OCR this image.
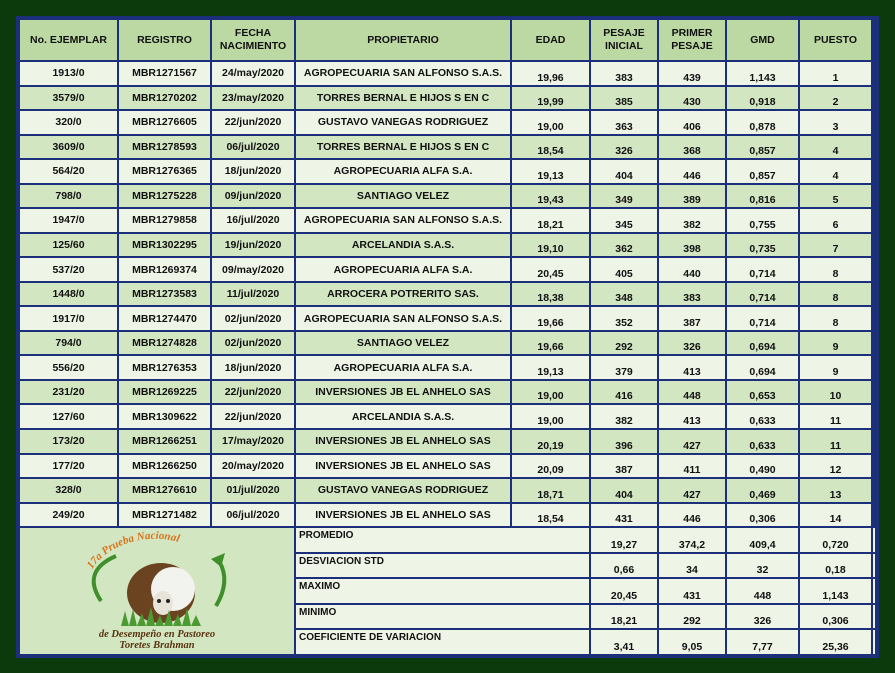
No. EJEMPLAR	REGISTRO	FECHA NACIMIENTO	PROPIETARIO	EDAD	PESAJE INICIAL	PRIMER PESAJE	GMD	PUESTO	
1913/0	MBR1271567	24/may/2020	AGROPECUARIA SAN ALFONSO S.A.S.	19,96	383	439	1,143	1	
3579/0	MBR1270202	23/may/2020	TORRES BERNAL E HIJOS S EN C	19,99	385	430	0,918	2	
320/0	MBR1276605	22/jun/2020	GUSTAVO VANEGAS RODRIGUEZ	19,00	363	406	0,878	3	
3609/0	MBR1278593	06/jul/2020	TORRES BERNAL E HIJOS S EN C	18,54	326	368	0,857	4	
564/20	MBR1276365	18/jun/2020	AGROPECUARIA ALFA S.A.	19,13	404	446	0,857	4	
798/0	MBR1275228	09/jun/2020	SANTIAGO VELEZ	19,43	349	389	0,816	5	
1947/0	MBR1279858	16/jul/2020	AGROPECUARIA SAN ALFONSO S.A.S.	18,21	345	382	0,755	6	
125/60	MBR1302295	19/jun/2020	ARCELANDIA S.A.S.	19,10	362	398	0,735	7	
537/20	MBR1269374	09/may/2020	AGROPECUARIA ALFA S.A.	20,45	405	440	0,714	8	
1448/0	MBR1273583	11/jul/2020	ARROCERA POTRERITO SAS.	18,38	348	383	0,714	8	
1917/0	MBR1274470	02/jun/2020	AGROPECUARIA SAN ALFONSO S.A.S.	19,66	352	387	0,714	8	
794/0	MBR1274828	02/jun/2020	SANTIAGO VELEZ	19,66	292	326	0,694	9	
556/20	MBR1276353	18/jun/2020	AGROPECUARIA ALFA S.A.	19,13	379	413	0,694	9	
231/20	MBR1269225	22/jun/2020	INVERSIONES JB EL ANHELO SAS	19,00	416	448	0,653	10	
127/60	MBR1309622	22/jun/2020	ARCELANDIA S.A.S.	19,00	382	413	0,633	11	
173/20	MBR1266251	17/may/2020	INVERSIONES JB EL ANHELO SAS	20,19	396	427	0,633	11	
177/20	MBR1266250	20/may/2020	INVERSIONES JB EL ANHELO SAS	20,09	387	411	0,490	12	
328/0	MBR1276610	01/jul/2020	GUSTAVO VANEGAS RODRIGUEZ	18,71	404	427	0,469	13	
249/20	MBR1271482	06/jul/2020	INVERSIONES JB EL ANHELO SAS	18,54	431	446	0,306	14	

17a Prueba Nacional
de Desempeño en Pastoreo
Toretes Brahman			PROMEDIO		19,27	374,2	409,4	0,720	
			DESVIACION STD		0,66	34	32	0,18	
			MAXIMO		20,45	431	448	1,143	
			MINIMO		18,21	292	326	0,306	
			COEFICIENTE DE VARIACION		3,41	9,05	7,77	25,36	
